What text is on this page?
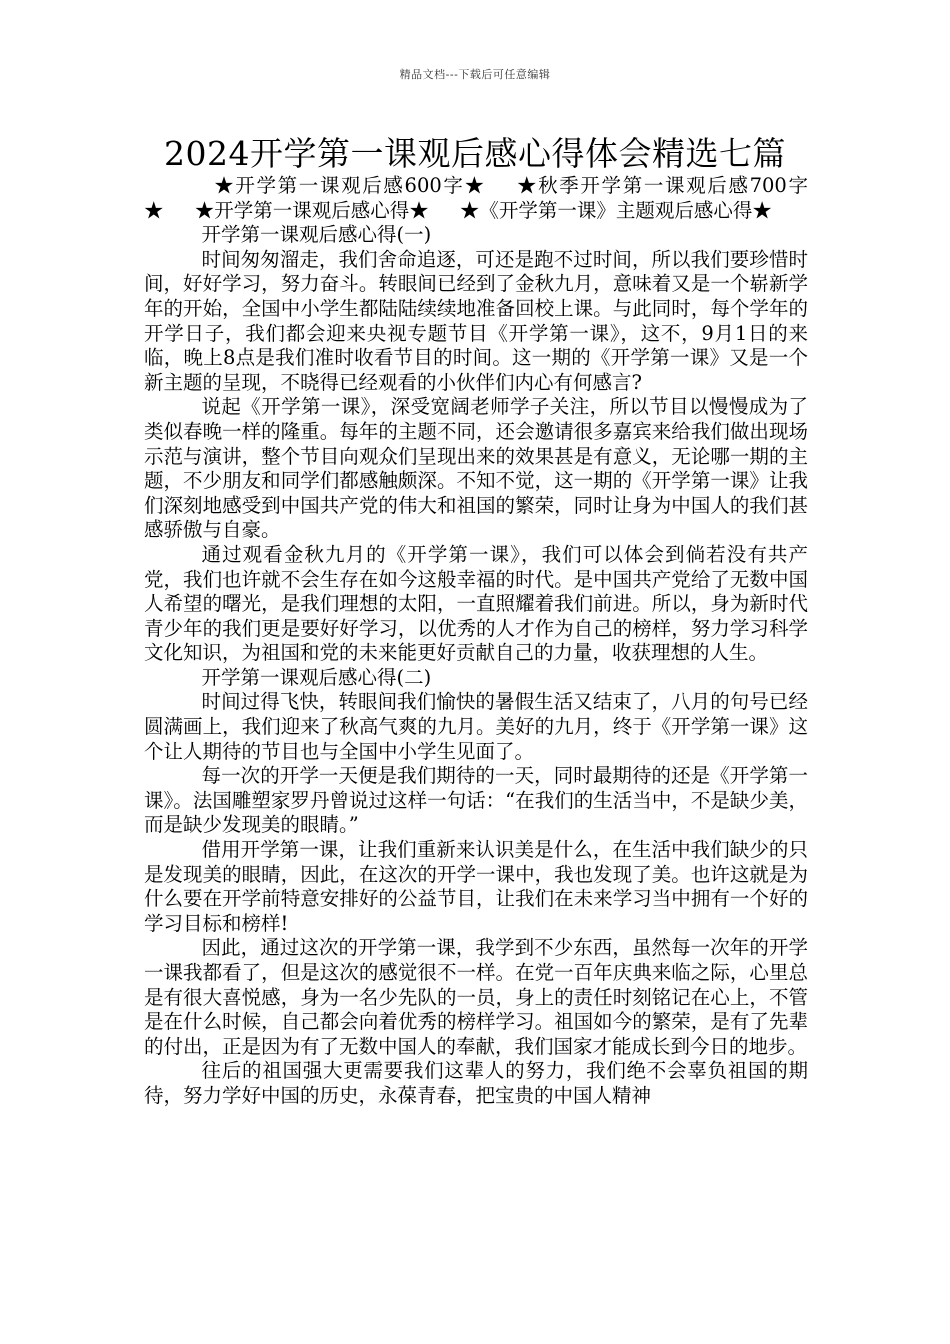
精品文档---下载后可任意编辑
2024开学第一课观后感心得体会精选七篇

★开学第一课观后感600字★ ★秋季开学第一课观后感700字★ ★开学第一课观后感心得★ ★《开学第一课》主题观后感心得★

开学第一课观后感心得(一)

时间匆匆溜走，我们舍命追逐，可还是跑不过时间，所以我们要珍惜时间，好好学习，努力奋斗。转眼间已经到了金秋九月，意味着又是一个崭新学年的开始，全国中小学生都陆陆续续地准备回校上课。与此同时，每个学年的开学日子，我们都会迎来央视专题节目《开学第一课》，这不，9月1日的来临，晚上8点是我们准时收看节目的时间。这一期的《开学第一课》又是一个新主题的呈现，不晓得已经观看的小伙伴们内心有何感言?

说起《开学第一课》，深受宽阔老师学子关注，所以节目以慢慢成为了类似春晚一样的隆重。每年的主题不同，还会邀请很多嘉宾来给我们做出现场示范与演讲，整个节目向观众们呈现出来的效果甚是有意义，无论哪一期的主题，不少朋友和同学们都感触颇深。不知不觉，这一期的《开学第一课》让我们深刻地感受到中国共产党的伟大和祖国的繁荣，同时让身为中国人的我们甚感骄傲与自豪。

通过观看金秋九月的《开学第一课》，我们可以体会到倘若没有共产党，我们也许就不会生存在如今这般幸福的时代。是中国共产党给了无数中国人希望的曙光，是我们理想的太阳，一直照耀着我们前进。所以，身为新时代青少年的我们更是要好好学习，以优秀的人才作为自己的榜样，努力学习科学文化知识，为祖国和党的未来能更好贡献自己的力量，收获理想的人生。

开学第一课观后感心得(二)

时间过得飞快，转眼间我们愉快的暑假生活又结束了，八月的句号已经圆满画上，我们迎来了秋高气爽的九月。美好的九月，终于《开学第一课》这个让人期待的节目也与全国中小学生见面了。

每一次的开学一天便是我们期待的一天，同时最期待的还是《开学第一课》。法国雕塑家罗丹曾说过这样一句话：“在我们的生活当中，不是缺少美，而是缺少发现美的眼睛。”

借用开学第一课，让我们重新来认识美是什么，在生活中我们缺少的只是发现美的眼睛，因此，在这次的开学一课中，我也发现了美。也许这就是为什么要在开学前特意安排好的公益节目，让我们在未来学习当中拥有一个好的学习目标和榜样!

因此，通过这次的开学第一课，我学到不少东西，虽然每一次年的开学一课我都看了，但是这次的感觉很不一样。在党一百年庆典来临之际，心里总是有很大喜悦感，身为一名少先队的一员，身上的责任时刻铭记在心上，不管是在什么时候，自己都会向着优秀的榜样学习。祖国如今的繁荣，是有了先辈的付出，正是因为有了无数中国人的奉献，我们国家才能成长到今日的地步。

往后的祖国强大更需要我们这辈人的努力，我们绝不会辜负祖国的期待，努力学好中国的历史，永葆青春，把宝贵的中国人精神
